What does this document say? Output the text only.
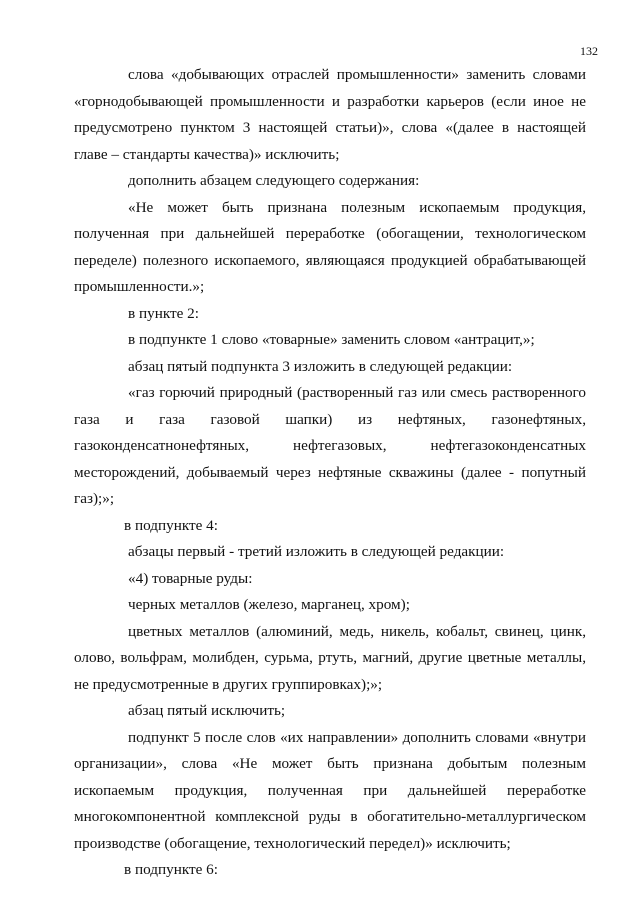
132

слова «добывающих отраслей промышленности» заменить словами «горнодобывающей промышленности и разработки карьеров (если иное не предусмотрено пунктом 3 настоящей статьи)», слова «(далее в настоящей главе – стандарты качества)» исключить;

дополнить абзацем следующего содержания:

«Не может быть признана полезным ископаемым продукция, полученная при дальнейшей переработке (обогащении, технологическом переделе) полезного ископаемого, являющаяся продукцией обрабатывающей промышленности.»;

в пункте 2:

в подпункте 1 слово «товарные» заменить словом «антрацит,»;

абзац пятый подпункта 3 изложить в следующей редакции:

«газ горючий природный (растворенный газ или смесь растворенного газа и газа газовой шапки) из нефтяных, газонефтяных, газоконденсатнонефтяных, нефтегазовых, нефтегазоконденсатных месторождений, добываемый через нефтяные скважины (далее - попутный газ);»;

в подпункте 4:

абзацы первый - третий изложить в следующей редакции:

«4) товарные руды:

черных металлов (железо, марганец, хром);

цветных металлов (алюминий, медь, никель, кобальт, свинец, цинк, олово, вольфрам, молибден, сурьма, ртуть, магний, другие цветные металлы, не предусмотренные в других группировках);»;

абзац пятый исключить;

подпункт 5 после слов «их направлении» дополнить словами «внутри организации», слова «Не может быть признана добытым полезным ископаемым продукция, полученная при дальнейшей переработке многокомпонентной комплексной руды в обогатительно-металлургическом производстве (обогащение, технологический передел)» исключить;

в подпункте 6:
